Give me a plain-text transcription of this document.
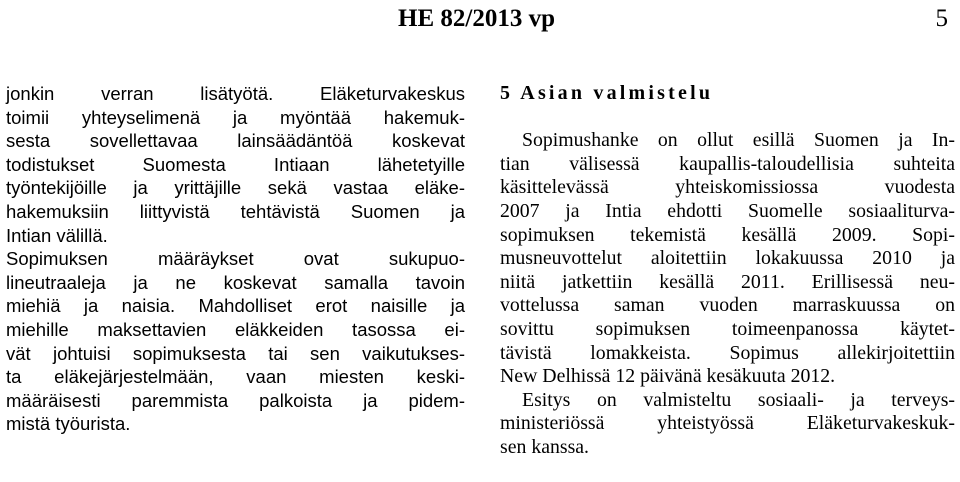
HE 82/2013 vp	5
jonkin verran lisätyötä. Eläketurvakeskus
toimii yhteyselimenä ja myöntää hakemuk-
sesta sovellettavaa lainsäädäntöä koskevat
todistukset Suomesta Intiaan lähetetyille
työntekijöille ja yrittäjille sekä vastaa eläke-
hakemuksiin liittyvistä tehtävistä Suomen ja
Intian välillä.
Sopimuksen määräykset ovat sukupuo-
lineutraaleja ja ne koskevat samalla tavoin
miehiä ja naisia. Mahdolliset erot naisille ja
miehille maksettavien eläkkeiden tasossa ei-
vät johtuisi sopimuksesta tai sen vaikutukses-
ta eläkejärjestelmään, vaan miesten keski-
määräisesti paremmista palkoista ja pidem-
mistä työurista.
5 Asian valmistelu
Sopimushanke on ollut esillä Suomen ja In-
tian välisessä kaupallis-taloudellisia suhteita
käsittelevässä yhteiskomissiossa vuodesta
2007 ja Intia ehdotti Suomelle sosiaaliturva-
sopimuksen tekemistä kesällä 2009. Sopi-
musneuvottelut aloitettiin lokakuussa 2010 ja
niitä jatkettiin kesällä 2011. Erillisessä neu-
vottelussa saman vuoden marraskuussa on
sovittu sopimuksen toimeenpanossa käytet-
tävistä lomakkeista. Sopimus allekirjoitettiin
New Delhissä 12 päivänä kesäkuuta 2012.
Esitys on valmisteltu sosiaali- ja terveys-
ministeriössä yhteistyössä Eläketurvakeskuk-
sen kanssa.
